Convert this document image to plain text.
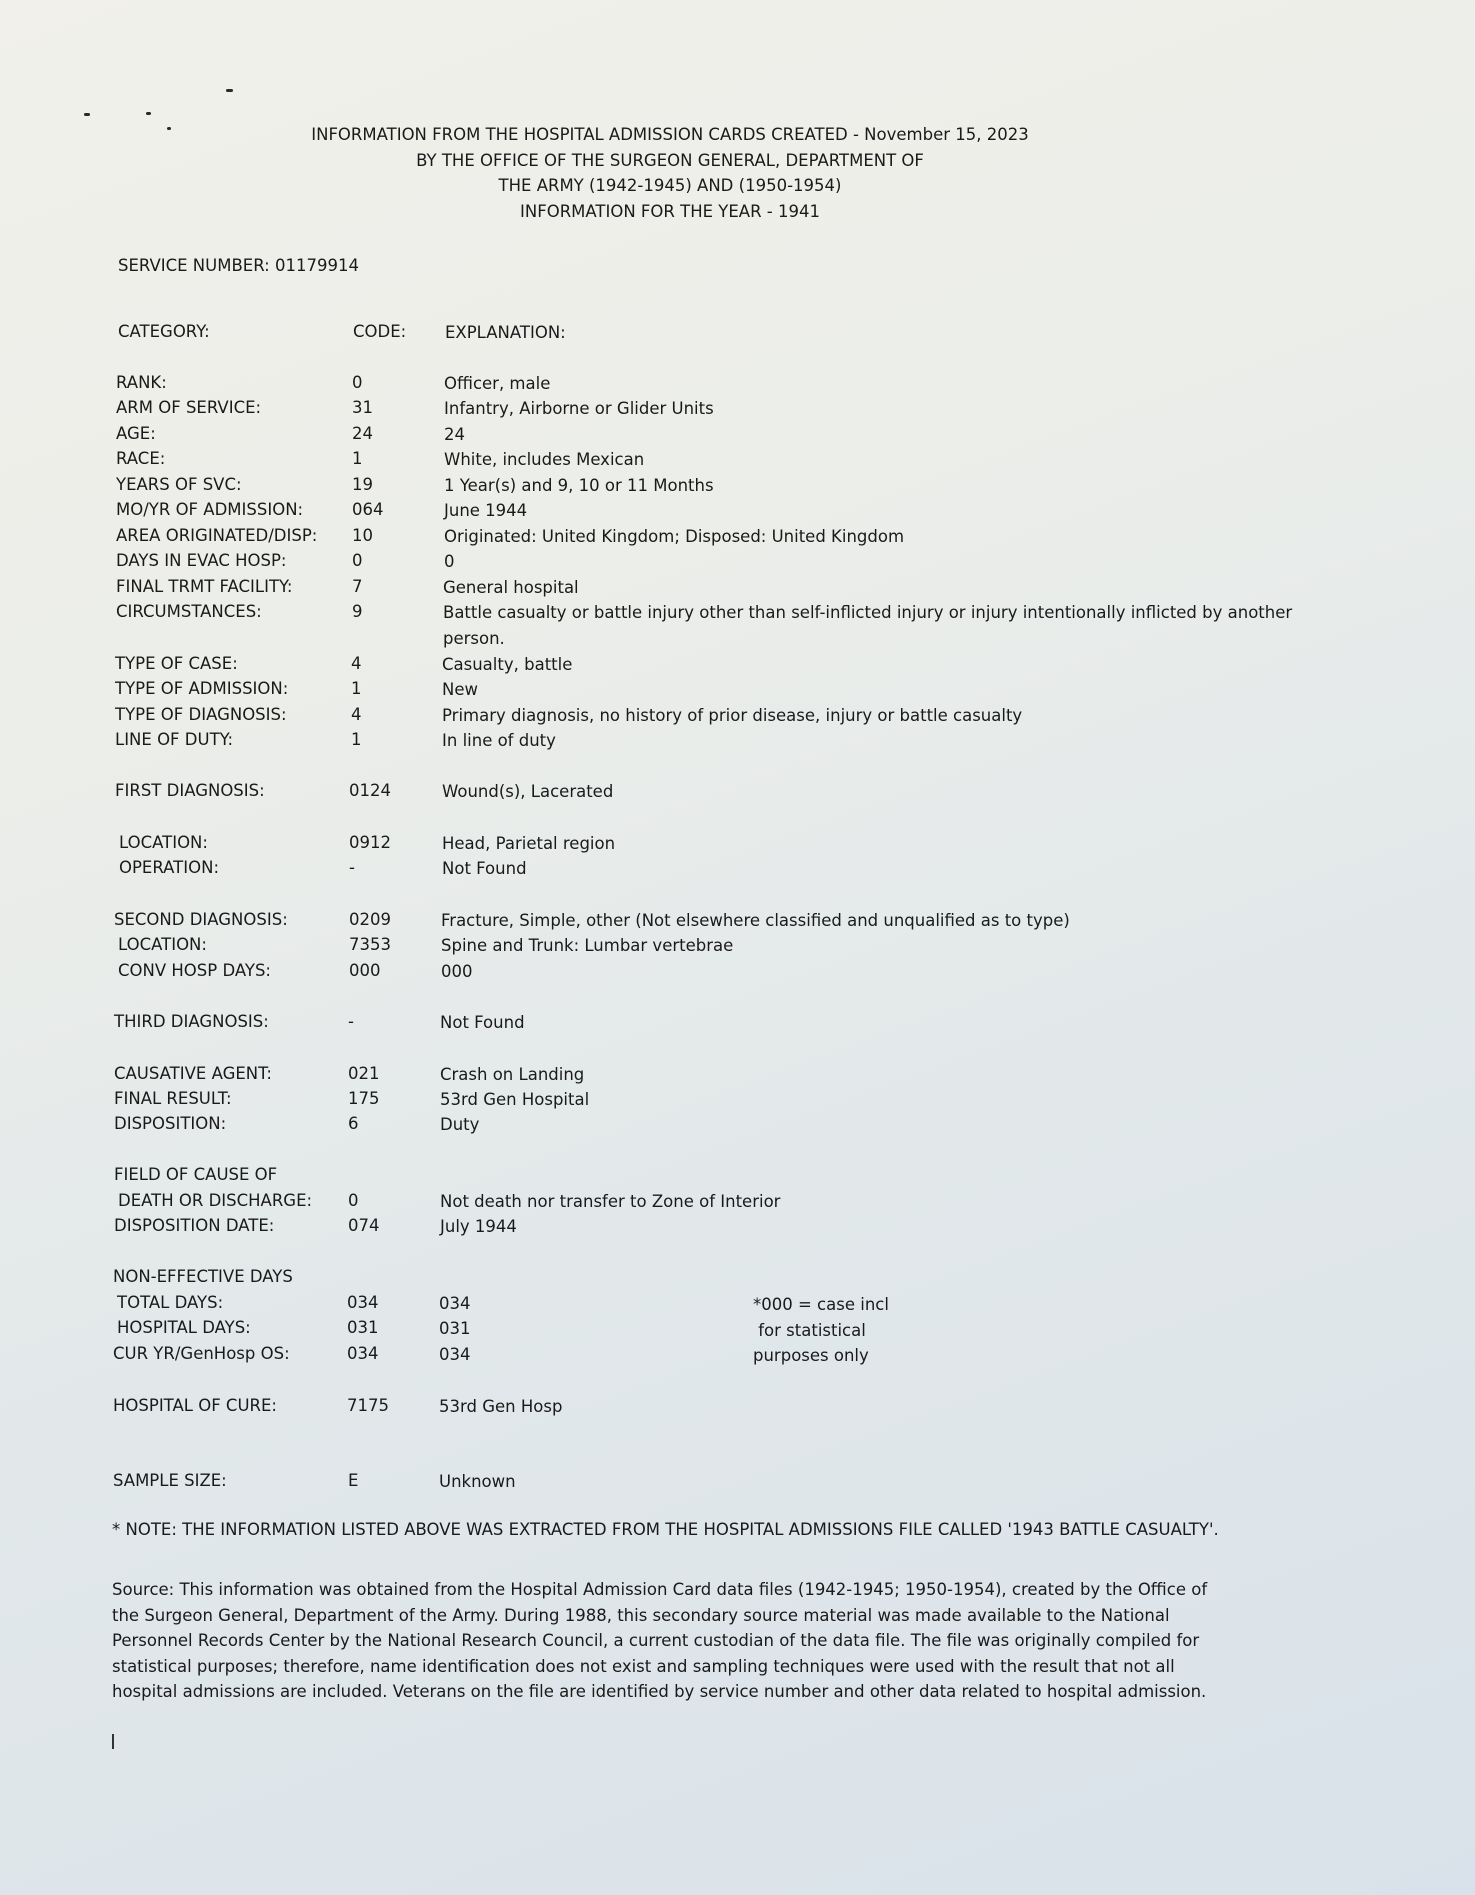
INFORMATION FROM THE HOSPITAL ADMISSION CARDS CREATED - November 15, 2023
BY THE OFFICE OF THE SURGEON GENERAL, DEPARTMENT OF
THE ARMY (1942-1945) AND (1950-1954)
INFORMATION FOR THE YEAR - 1941
SERVICE NUMBER: 01179914
CATEGORY:	CODE: EXPLANATION:
RANK:	0	Officer, male
ARM OF SERVICE:	31	Infantry, Airborne or Glider Units
AGE:	24	24
RACE:	1	White, includes Mexican
YEARS OF SVC:	19	1 Year(s) and 9, 10 or 11 Months
MO/YR OF ADMISSION:	064	June 1944
AREA ORIGINATED/DISP: 10	Originated: United Kingdom; Disposed: United Kingdom
DAYS IN EVAC HOSP:	0	0
FINAL TRMT FACILITY:	7	General hospital
CIRCUMSTANCES:	9	Battle casualty or battle injury other than self-inflicted injury or injury intentionally inflicted by another person.
TYPE OF CASE:	4	Casualty, battle
TYPE OF ADMISSION:	1	New
TYPE OF DIAGNOSIS:	4	Primary diagnosis, no history of prior disease, injury or battle casualty
LINE OF DUTY:	1	In line of duty
FIRST DIAGNOSIS:	0124	Wound(s), Lacerated
LOCATION:	0912	Head, Parietal region
OPERATION:	-	Not Found
SECOND DIAGNOSIS:	0209	Fracture, Simple, other (Not elsewhere classified and unqualified as to type)
LOCATION:	7353	Spine and Trunk: Lumbar vertebrae
CONV HOSP DAYS:	000	000
THIRD DIAGNOSIS:	-	Not Found
CAUSATIVE AGENT:	021	Crash on Landing
FINAL RESULT:	175	53rd Gen Hospital
DISPOSITION:	6	Duty
FIELD OF CAUSE OF
DEATH OR DISCHARGE: 0	Not death nor transfer to Zone of Interior
DISPOSITION DATE:	074	July 1944
NON-EFFECTIVE DAYS
TOTAL DAYS:	034	034
HOSPITAL DAYS:	031	031
CUR YR/GenHosp OS:	034	034
HOSPITAL OF CURE:	7175	53rd Gen Hosp
SAMPLE SIZE:	E	Unknown
*000 = case incl
for statistical
purposes only
* NOTE: THE INFORMATION LISTED ABOVE WAS EXTRACTED FROM THE HOSPITAL ADMISSIONS FILE CALLED '1943 BATTLE CASUALTY'.
Source: This information was obtained from the Hospital Admission Card data files (1942-1945; 1950-1954), created by the Office of the Surgeon General, Department of the Army. During 1988, this secondary source material was made available to the National Personnel Records Center by the National Research Council, a current custodian of the data file. The file was originally compiled for statistical purposes; therefore, name identification does not exist and sampling techniques were used with the result that not all hospital admissions are included. Veterans on the file are identified by service number and other data related to hospital admission.
